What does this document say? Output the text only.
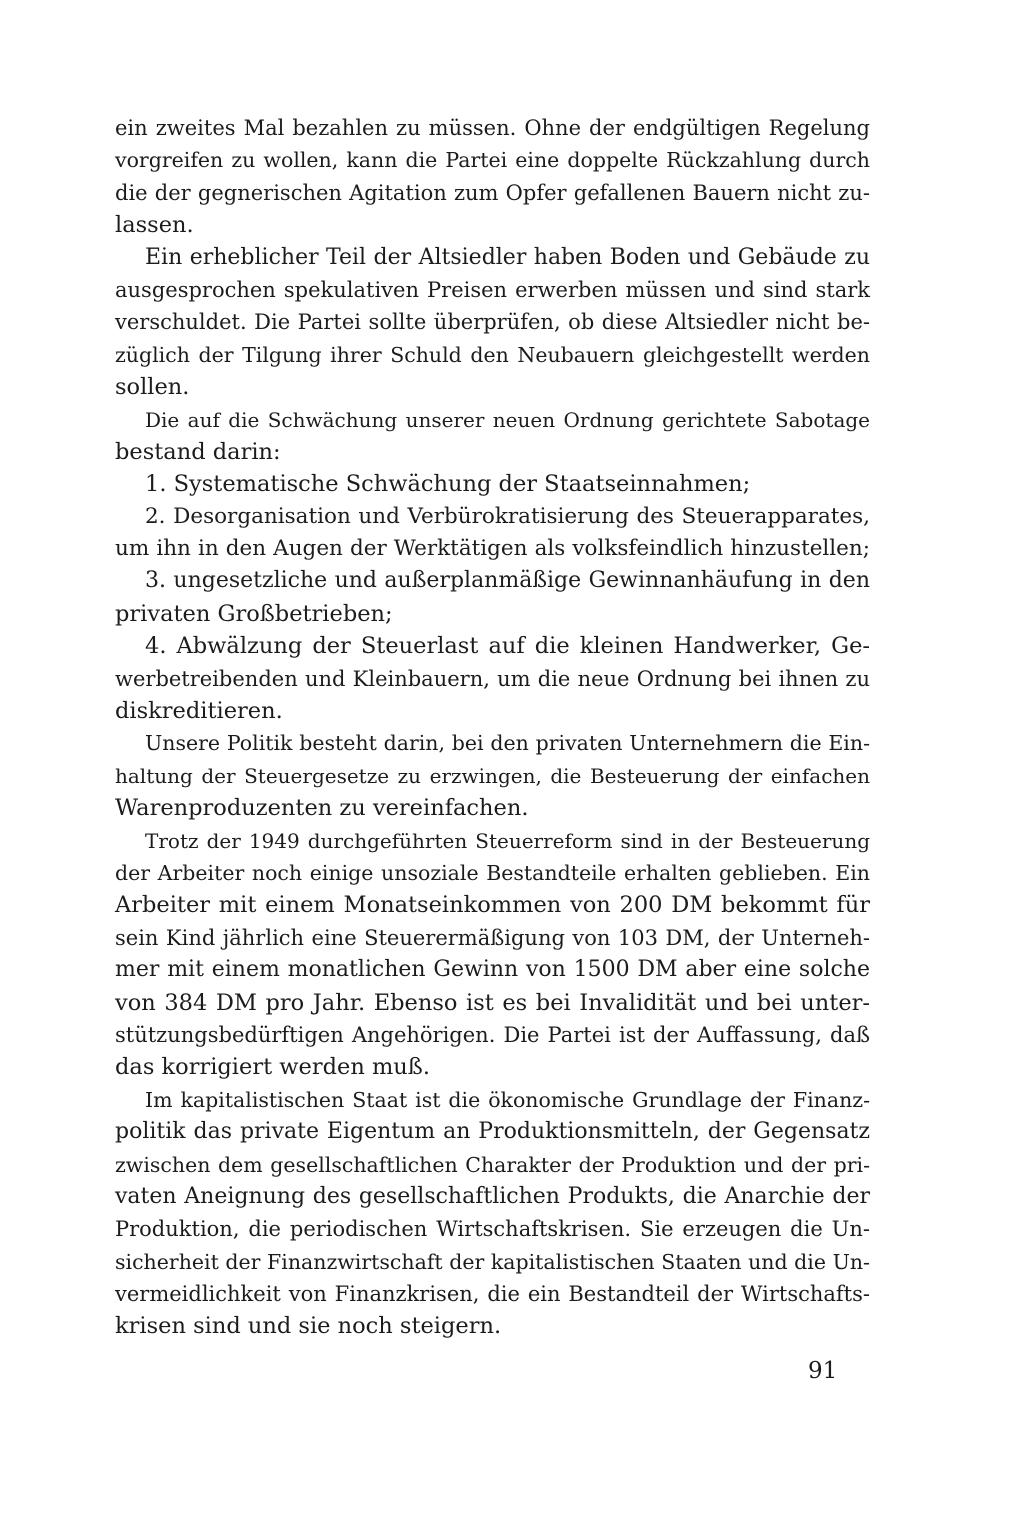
ein zweites Mal bezahlen zu müssen. Ohne der endgültigen Regelung
vorgreifen zu wollen, kann die Partei eine doppelte Rückzahlung durch
die der gegnerischen Agitation zum Opfer gefallenen Bauern nicht zu-
lassen.
Ein erheblicher Teil der Altsiedler haben Boden und Gebäude zu
ausgesprochen spekulativen Preisen erwerben müssen und sind stark
verschuldet. Die Partei sollte überprüfen, ob diese Altsiedler nicht be-
züglich der Tilgung ihrer Schuld den Neubauern gleichgestellt werden
sollen.
Die auf die Schwächung unserer neuen Ordnung gerichtete Sabotage
bestand darin:
1. Systematische Schwächung der Staatseinnahmen;
2. Desorganisation und Verbürokratisierung des Steuerapparates,
um ihn in den Augen der Werktätigen als volksfeindlich hinzustellen;
3. ungesetzliche und außerplanmäßige Gewinnanhäufung in den
privaten Großbetrieben;
4. Abwälzung der Steuerlast auf die kleinen Handwerker, Ge-
werbetreibenden und Kleinbauern, um die neue Ordnung bei ihnen zu
diskreditieren.
Unsere Politik besteht darin, bei den privaten Unternehmern die Ein-
haltung der Steuergesetze zu erzwingen, die Besteuerung der einfachen
Warenproduzenten zu vereinfachen.
Trotz der 1949 durchgeführten Steuerreform sind in der Besteuerung
der Arbeiter noch einige unsoziale Bestandteile erhalten geblieben. Ein
Arbeiter mit einem Monatseinkommen von 200 DM bekommt für
sein Kind jährlich eine Steuerermäßigung von 103 DM, der Unterneh-
mer mit einem monatlichen Gewinn von 1500 DM aber eine solche
von 384 DM pro Jahr. Ebenso ist es bei Invalidität und bei unter-
stützungsbedürftigen Angehörigen. Die Partei ist der Auffassung, daß
das korrigiert werden muß.
Im kapitalistischen Staat ist die ökonomische Grundlage der Finanz-
politik das private Eigentum an Produktionsmitteln, der Gegensatz
zwischen dem gesellschaftlichen Charakter der Produktion und der pri-
vaten Aneignung des gesellschaftlichen Produkts, die Anarchie der
Produktion, die periodischen Wirtschaftskrisen. Sie erzeugen die Un-
sicherheit der Finanzwirtschaft der kapitalistischen Staaten und die Un-
vermeidlichkeit von Finanzkrisen, die ein Bestandteil der Wirtschafts-
krisen sind und sie noch steigern.
91
